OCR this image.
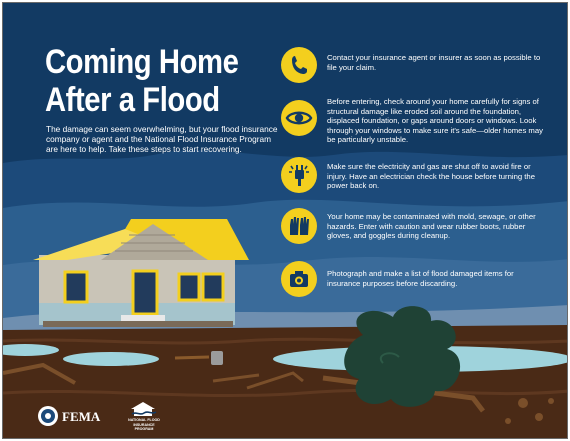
Coming Home
After a Flood

The damage can seem overwhelming, but your flood insurance company or agent and the National Flood Insurance Program are here to help. Take these steps to start recovering.

Contact your insurance agent or insurer as soon as possible to file your claim.

Before entering, check around your home carefully for signs of structural damage like eroded soil around the foundation, displaced foundation, or gaps around doors or windows. Look through your windows to make sure it's safe—older homes may be particularly unstable.

Make sure the electricity and gas are shut off to avoid fire or injury. Have an electrician check the house before turning the power back on.

Your home may be contaminated with mold, sewage, or other hazards. Enter with caution and wear rubber boots, rubber gloves, and goggles during cleanup.

Photograph and make a list of flood damaged items for insurance purposes before discarding.

FEMA	NATIONAL FLOOD
INSURANCE PROGRAM
